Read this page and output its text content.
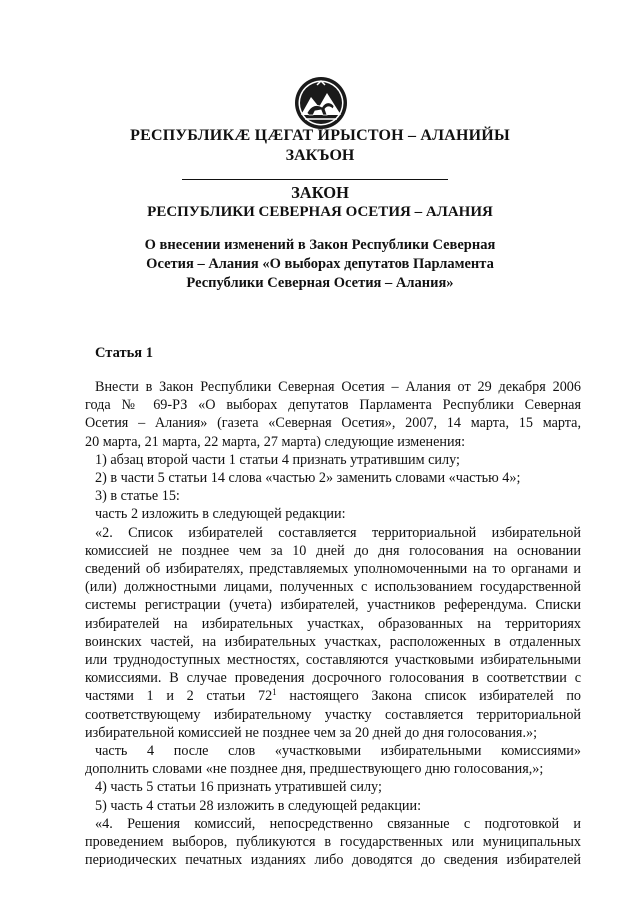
РЕСПУБЛИКÆ ЦÆГАТ ИРЫСТОН – АЛАНИЙЫ
ЗАКЪОН
ЗАКОН
РЕСПУБЛИКИ СЕВЕРНАЯ ОСЕТИЯ – АЛАНИЯ
О внесении изменений в Закон Республики Северная
Осетия – Алания «О выборах депутатов Парламента
Республики Северная Осетия – Алания»
Статья 1

Внести в Закон Республики Северная Осетия – Алания от 29 декабря 2006

года № 69-РЗ «О выборах депутатов Парламента Республики Северная

Осетия – Алания» (газета «Северная Осетия», 2007, 14 марта, 15 марта,

20 марта, 21 марта, 22 марта, 27 марта) следующие изменения:

1) абзац второй части 1 статьи 4 признать утратившим силу;

2) в части 5 статьи 14 слова «частью 2» заменить словами «частью 4»;

3) в статье 15:

часть 2 изложить в следующей редакции:

«2. Список избирателей составляется территориальной избирательной

комиссией не позднее чем за 10 дней до дня голосования на основании

сведений об избирателях, представляемых уполномоченными на то органами и

(или) должностными лицами, полученных с использованием государственной

системы регистрации (учета) избирателей, участников референдума. Списки

избирателей на избирательных участках, образованных на территориях

воинских частей, на избирательных участках, расположенных в отдаленных

или труднодоступных местностях, составляются участковыми избирательными

комиссиями. В случае проведения досрочного голосования в соответствии с

частями 1 и 2 статьи $72^1$ настоящего Закона список избирателей по

соответствующему избирательному участку составляется территориальной

избирательной комиссией не позднее чем за 20 дней до дня голосования.»;

часть 4 после слов «участковыми избирательными комиссиями»

дополнить словами «не позднее дня, предшествующего дню голосования,»;

4) часть 5 статьи 16 признать утратившей силу;

5) часть 4 статьи 28 изложить в следующей редакции:

«4. Решения комиссий, непосредственно связанные с подготовкой и

проведением выборов, публикуются в государственных или муниципальных

периодических печатных изданиях либо доводятся до сведения избирателей
